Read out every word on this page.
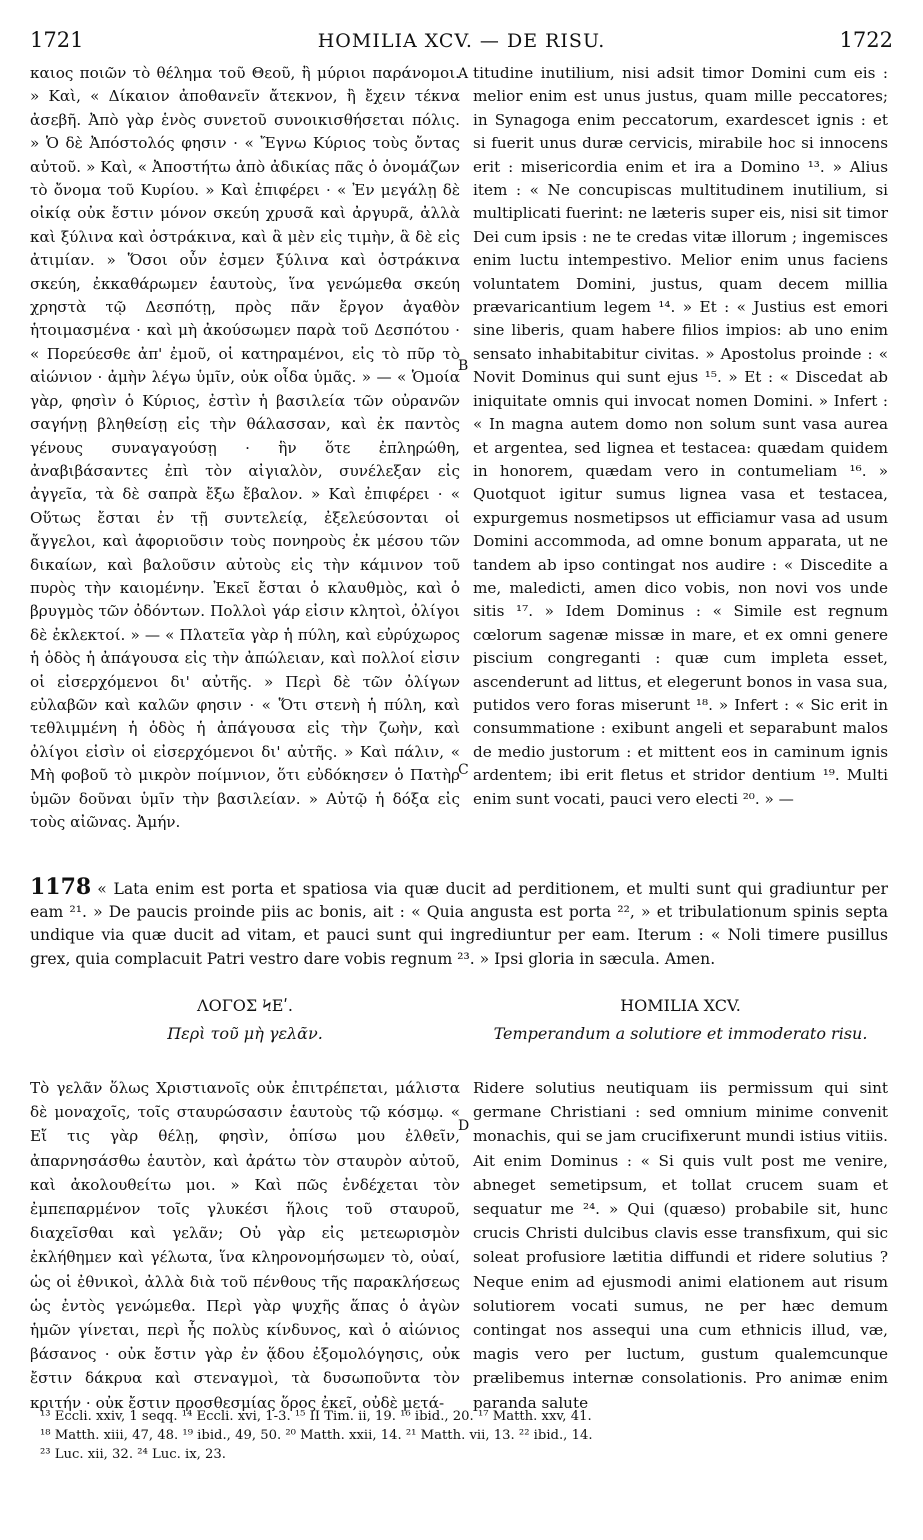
1721	HOMILIA XCV. — DE RISU.	1722

καιος ποιῶν τὸ θέλημα τοῦ Θεοῦ, ἢ μύριοι παράνομοι. » Καὶ, « Δίκαιον ἀποθανεῖν ἄτεκνον, ἢ ἔχειν τέκνα ἀσεβῆ. Ἀπὸ γὰρ ἑνὸς συνετοῦ συνοικισθήσεται πόλις. » Ὁ δὲ Ἀπόστολός φησιν · « Ἔγνω Κύριος τοὺς ὄντας αὐτοῦ. » Καὶ, « Ἀποστήτω ἀπὸ ἀδικίας πᾶς ὁ ὀνομάζων τὸ ὄνομα τοῦ Κυρίου. » Καὶ ἐπιφέρει · « Ἐν μεγάλῃ δὲ οἰκίᾳ οὐκ ἔστιν μόνον σκεύη χρυσᾶ καὶ ἀργυρᾶ, ἀλλὰ καὶ ξύλινα καὶ ὀστράκινα, καὶ ἃ μὲν εἰς τιμὴν, ἃ δὲ εἰς ἀτιμίαν. » Ὅσοι οὖν ἐσμεν ξύλινα καὶ ὀστράκινα σκεύη, ἐκκαθάρωμεν ἑαυτοὺς, ἵνα γενώμεθα σκεύη χρηστὰ τῷ Δεσπότῃ, πρὸς πᾶν ἔργον ἀγαθὸν ἡτοιμασμένα · καὶ μὴ ἀκούσωμεν παρὰ τοῦ Δεσπότου · « Πορεύεσθε ἀπ' ἐμοῦ, οἱ κατηραμένοι, εἰς τὸ πῦρ τὸ αἰώνιον · ἀμὴν λέγω ὑμῖν, οὐκ οἶδα ὑμᾶς. » — « Ὁμοία γὰρ, φησὶν ὁ Κύριος, ἐστὶν ἡ βασιλεία τῶν οὐρανῶν σαγήνῃ βληθείσῃ εἰς τὴν θάλασσαν, καὶ ἐκ παντὸς γένους συναγαγούσῃ · ἣν ὅτε ἐπληρώθη, ἀναβιβάσαντες ἐπὶ τὸν αἰγιαλὸν, συνέλεξαν εἰς ἀγγεῖα, τὰ δὲ σαπρὰ ἔξω ἔβαλον. » Καὶ ἐπιφέρει · « Οὕτως ἔσται ἐν τῇ συντελείᾳ, ἐξελεύσονται οἱ ἄγγελοι, καὶ ἀφοριοῦσιν τοὺς πονηροὺς ἐκ μέσου τῶν δικαίων, καὶ βαλοῦσιν αὐτοὺς εἰς τὴν κάμινον τοῦ πυρὸς τὴν καιομένην. Ἐκεῖ ἔσται ὁ κλαυθμὸς, καὶ ὁ βρυγμὸς τῶν ὀδόντων. Πολλοὶ γάρ εἰσιν κλητοὶ, ὀλίγοι δὲ ἐκλεκτοί. » — « Πλατεῖα γὰρ ἡ πύλη, καὶ εὐρύχωρος ἡ ὁδὸς ἡ ἀπάγουσα εἰς τὴν ἀπώλειαν, καὶ πολλοί εἰσιν οἱ εἰσερχόμενοι δι' αὐτῆς. » Περὶ δὲ τῶν ὀλίγων εὐλαβῶν καὶ καλῶν φησιν · « Ὅτι στενὴ ἡ πύλη, καὶ τεθλιμμένη ἡ ὁδὸς ἡ ἀπάγουσα εἰς τὴν ζωὴν, καὶ ὀλίγοι εἰσὶν οἱ εἰσερχόμενοι δι' αὐτῆς. » Καὶ πάλιν, « Μὴ φοβοῦ τὸ μικρὸν ποίμνιον, ὅτι εὐδόκησεν ὁ Πατὴρ ὑμῶν δοῦναι ὑμῖν τὴν βασιλείαν. » Αὐτῷ ἡ δόξα εἰς τοὺς αἰῶνας. Ἀμήν.

A
B
C
D

titudine inutilium, nisi adsit timor Domini cum eis : melior enim est unus justus, quam mille peccatores; in Synagoga enim peccatorum, exardescet ignis : et si fuerit unus duræ cervicis, mirabile hoc si innocens erit : misericordia enim et ira a Domino ¹³. » Alius item : « Ne concupiscas multitudinem inutilium, si multiplicati fuerint: ne læteris super eis, nisi sit timor Dei cum ipsis : ne te credas vitæ illorum ; ingemisces enim luctu intempestivo. Melior enim unus faciens voluntatem Domini, justus, quam decem millia prævaricantium legem ¹⁴. » Et : « Justius est emori sine liberis, quam habere filios impios: ab uno enim sensato inhabitabitur civitas. » Apostolus proinde : « Novit Dominus qui sunt ejus ¹⁵. » Et : « Discedat ab iniquitate omnis qui invocat nomen Domini. » Infert : « In magna autem domo non solum sunt vasa aurea et argentea, sed lignea et testacea: quædam quidem in honorem, quædam vero in contumeliam ¹⁶. » Quotquot igitur sumus lignea vasa et testacea, expurgemus nosmetipsos ut efficiamur vasa ad usum Domini accommoda, ad omne bonum apparata, ut ne tandem ab ipso contingat nos audire : « Discedite a me, maledicti, amen dico vobis, non novi vos unde sitis ¹⁷. » Idem Dominus : « Simile est regnum cœlorum sagenæ missæ in mare, et ex omni genere piscium congreganti : quæ cum impleta esset, ascenderunt ad littus, et elegerunt bonos in vasa sua, putidos vero foras miserunt ¹⁸. » Infert : « Sic erit in consummatione : exibunt angeli et separabunt malos de medio justorum : et mittent eos in caminum ignis ardentem; ibi erit fletus et stridor dentium ¹⁹. Multi enim sunt vocati, pauci vero electi ²⁰. » —

1178 « Lata enim est porta et spatiosa via quæ ducit ad perditionem, et multi sunt qui gradiuntur per eam ²¹. » De paucis proinde piis ac bonis, ait : « Quia angusta est porta ²², » et tribulationum spinis septa undique via quæ ducit ad vitam, et pauci sunt qui ingrediuntur per eam. Iterum : « Noli timere pusillus grex, quia complacuit Patri vestro dare vobis regnum ²³. » Ipsi gloria in sæcula. Amen.

ΛΟΓΟΣ ϞΕʹ.
Περὶ τοῦ μὴ γελᾶν.
HOMILIA XCV.
Temperandum a solutiore et immoderato risu.

Τὸ γελᾶν ὅλως Χριστιανοῖς οὐκ ἐπιτρέπεται, μάλιστα δὲ μοναχοῖς, τοῖς σταυρώσασιν ἑαυτοὺς τῷ κόσμῳ. « Εἴ τις γὰρ θέλῃ, φησὶν, ὀπίσω μου ἐλθεῖν, ἀπαρνησάσθω ἑαυτὸν, καὶ ἀράτω τὸν σταυρὸν αὐτοῦ, καὶ ἀκολουθείτω μοι. » Καὶ πῶς ἐνδέχεται τὸν ἐμπεπαρμένον τοῖς γλυκέσι ἥλοις τοῦ σταυροῦ, διαχεῖσθαι καὶ γελᾶν; Οὐ γὰρ εἰς μετεωρισμὸν ἐκλήθημεν καὶ γέλωτα, ἵνα κληρονομήσωμεν τὸ, οὐαί, ὡς οἱ ἐθνικοὶ, ἀλλὰ διὰ τοῦ πένθους τῆς παρακλήσεως ὡς ἐντὸς γενώμεθα. Περὶ γὰρ ψυχῆς ἅπας ὁ ἀγὼν ἡμῶν γίνεται, περὶ ἧς πολὺς κίνδυνος, καὶ ὁ αἰώνιος βάσανος · οὐκ ἔστιν γὰρ ἐν ᾅδου ἐξομολόγησις, οὐκ ἔστιν δάκρυα καὶ στεναγμοὶ, τὰ δυσωποῦντα τὸν κριτήν · οὐκ ἔστιν προσθεσμίας ὅρος ἐκεῖ, οὐδὲ μετά-

Ridere solutius neutiquam iis permissum qui sint germane Christiani : sed omnium minime convenit monachis, qui se jam crucifixerunt mundi istius vitiis. Ait enim Dominus : « Si quis vult post me venire, abneget semetipsum, et tollat crucem suam et sequatur me ²⁴. » Qui (quæso) probabile sit, hunc crucis Christi dulcibus clavis esse transfixum, qui sic soleat profusiore lætitia diffundi et ridere solutius ? Neque enim ad ejusmodi animi elationem aut risum solutiorem vocati sumus, ne per hæc demum contingat nos assequi una cum ethnicis illud, væ, magis vero per luctum, gustum qualemcunque prælibemus internæ consolationis. Pro animæ enim paranda salute

¹³ Eccli. xxiv, 1 seqq. ¹⁴ Eccli. xvi, 1-3. ¹⁵ II Tim. ii, 19. ¹⁶ ibid., 20. ¹⁷ Matth. xxv, 41.

¹⁸ Matth. xiii, 47, 48. ¹⁹ ibid., 49, 50. ²⁰ Matth. xxii, 14. ²¹ Matth. vii, 13. ²² ibid., 14.

²³ Luc. xii, 32. ²⁴ Luc. ix, 23.
